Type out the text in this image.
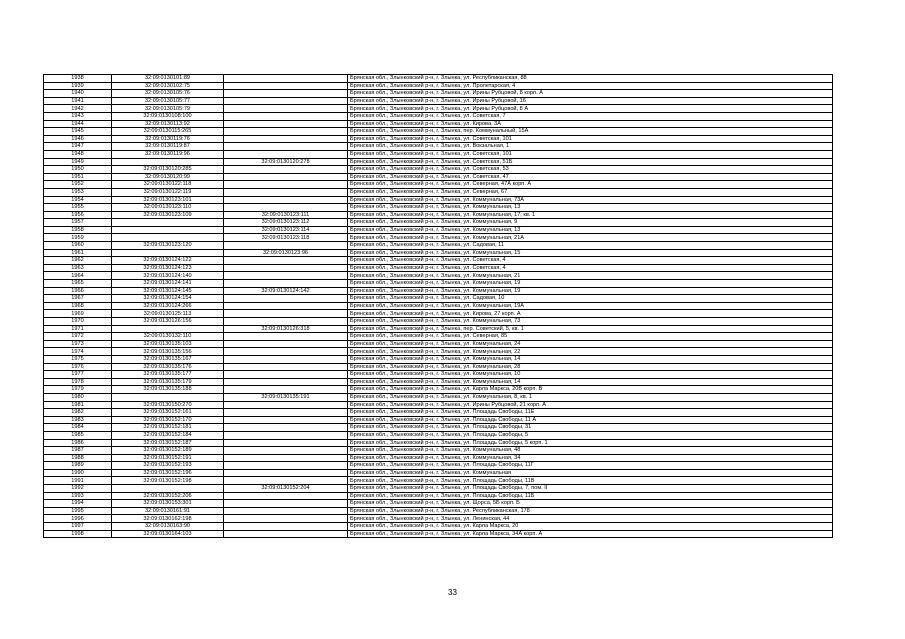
1938	32:09:0130101:89		Брянская обл., Злынковский р-н, г. Злынка, ул. Республиканская, 88
1939	32:09:0130102:75		Брянская обл., Злынковский р-н, г. Злынка, ул. Пролетарская, 4
1940	32:09:0130105:76		Брянская обл., Злынковский р-н, г. Злынка, ул. Ирины Рубцовой, 8 корп. А
1941	32:09:0130105:77		Брянская обл., Злынковский р-н, г. Злынка, ул. Ирины Рубцовой, 16
1942	32:09:0130105:79		Брянская обл., Злынковский р-н, г. Злынка, ул. Ирины Рубцовой, 8 А
1943	32:09:0130108:100		Брянская обл., Злынковский р-н, г. Злынка, ул. Советская, 7
1944	32:09:0130113:92		Брянская обл., Злынковский р-н, г. Злынка, ул. Кирова, 3А
1945	32:09:0130115:265		Брянская обл., Злынковский р-н, г. Злынка, пер. Коммунальный, 15А
1946	32:09:0130119:76		Брянская обл., Злынковский р-н, г. Злынка, ул. Советская, 101
1947	32:09:0130119:87		Брянская обл., Злынковский р-н, г. Злынка, ул. Вокзальная, 1
1948	32:09:0130119:96		Брянская обл., Злынковский р-н, г. Злынка, ул. Советская, 101
1949		32:09:0130120:278	Брянская обл., Злынковский р-н, г. Злынка, ул. Советская, 51Б
1950	32:09:0130120:285		Брянская обл., Злынковский р-н, г. Злынка, ул. Советская, 53
1951	32:09:0130120:99		Брянская обл., Злынковский р-н, г. Злынка, ул. Советская, 47
1952	32:09:0130122:118		Брянская обл., Злынковский р-н, г. Злынка, ул. Северная, 47А корп. А
1953	32:09:0130122:119		Брянская обл., Злынковский р-н, г. Злынка, ул. Северная, 67
1954	32:09:0130123:101		Брянская обл., Злынковский р-н, г. Злынка, ул. Коммунальная, 73А
1955	32:09:0130123:110		Брянская обл., Злынковский р-н, г. Злынка, ул. Коммунальная, 13
1956	32:09:0130123:109	32:09:0130123:111	Брянская обл., Злынковский р-н, г. Злынка, ул. Коммунальная, 17, кв. 1
1957		32:09:0130123:112	Брянская обл., Злынковский р-н, г. Злынка, ул. Коммунальная, 9
1958		32:09:0130123:114	Брянская обл., Злынковский р-н, г. Злынка, ул. Коммунальная, 13
1959		32:09:0130123:118	Брянская обл., Злынковский р-н, г. Злынка, ул. Коммунальная, 21А
1960	32:09:0130123:120		Брянская обл., Злынковский р-н, г. Злынка, ул. Садовая, 11
1961		32:09:0130123:96	Брянская обл., Злынковский р-н, г. Злынка, ул. Коммунальная, 15
1962	32:09:0130124:122		Брянская обл., Злынковский р-н, г. Злынка, ул. Советская, 4
1963	32:09:0130124:123		Брянская обл., Злынковский р-н, г. Злынка, ул. Советская, 4
1964	32:09:0130124:140		Брянская обл., Злынковский р-н, г. Злынка, ул. Коммунальная, 21
1965	32:09:0130124:141		Брянская обл., Злынковский р-н, г. Злынка, ул. Коммунальная, 19
1966	32:09:0130124:145	32:09:0130124:142	Брянская обл., Злынковский р-н, г. Злынка, ул. Коммунальная, 19
1967	32:09:0130124:154		Брянская обл., Злынковский р-н, г. Злынка, ул. Садовая, 10
1968	32:09:0130124:266		Брянская обл., Злынковский р-н, г. Злынка, ул. Коммунальная, 19А
1969	32:09:0130125:113		Брянская обл., Злынковский р-н, г. Злынка, ул. Кирова, 27 корп. А
1970	32:09:0130126:156		Брянская обл., Злынковский р-н, г. Злынка, ул. Коммунальная, 73
1971		32:09:0130126:318	Брянская обл., Злынковский р-н, г. Злынка, пер. Советский, 5, кв. 1
1972	32:09:0130132:110		Брянская обл., Злынковский р-н, г. Злынка, ул. Северная, 85
1973	32:09:0130135:103		Брянская обл., Злынковский р-н, г. Злынка, ул. Коммунальная, 24
1974	32:09:0130135:156		Брянская обл., Злынковский р-н, г. Злынка, ул. Коммунальная, 22
1975	32:09:0130135:167		Брянская обл., Злынковский р-н, г. Злынка, ул. Коммунальная, 14
1976	32:09:0130135:176		Брянская обл., Злынковский р-н, г. Злынка, ул. Коммунальная, 28
1977	32:09:0130135:177		Брянская обл., Злынковский р-н, г. Злынка, ул. Коммунальная, 10
1978	32:09:0130135:179		Брянская обл., Злынковский р-н, г. Злынка, ул. Коммунальная, 14
1979	32:09:0130135:188		Брянская обл., Злынковский р-н, г. Злынка, ул. Карла Маркса, 20В корп. В
1980		32:09:0130135:191	Брянская обл., Злынковский р-н, г. Злынка, ул. Коммунальная, 8, кв. 1
1981	32:09:0130150:270		Брянская обл., Злынковский р-н, г. Злынка, ул. Ирины Рубцовой, 21 корп. А
1982	32:09:0130152:161		Брянская обл., Злынковский р-н, г. Злынка, ул. Площадь Свободы, 11Е
1983	32:09:0130152:170		Брянская обл., Злынковский р-н, г. Злынка, ул. Площадь Свободы, 11 А
1984	32:09:0130152:181		Брянская обл., Злынковский р-н, г. Злынка, ул. Площадь Свободы, 31
1985	32:09:0130152:184		Брянская обл., Злынковский р-н, г. Злынка, ул. Площадь Свободы, 5
1986	32:09:0130152:187		Брянская обл., Злынковский р-н, г. Злынка, ул. Площадь Свободы, 5 корп. 1
1987	32:09:0130152:189		Брянская обл., Злынковский р-н, г. Злынка, ул. Коммунальная, 48
1988	32:09:0130152:191		Брянская обл., Злынковский р-н, г. Злынка, ул. Коммунальная, 34
1989	32:09:0130152:193		Брянская обл., Злынковский р-н, г. Злынка, ул. Площадь Свободы, 11Г
1990	32:09:0130152:196		Брянская обл., Злынковский р-н, г. Злынка, ул. Коммунальная
1991	32:09:0130152:198		Брянская обл., Злынковский р-н, г. Злынка, ул. Площадь Свободы, 11В
1992		32:09:0130152:204	Брянская обл., Злынковский р-н, г. Злынка, ул. Площадь Свободы, 7, пом. II
1993	32:09:0130152:206		Брянская обл., Злынковский р-н, г. Злынка, ул. Площадь Свободы, 11Б
1994	32:09:0130153:301		Брянская обл., Злынковский р-н, г. Злынка, ул. Щорса, 5Б корп. Б
1995	32:09:0130161:91		Брянская обл., Злынковский р-н, г. Злынка, ул. Республиканская, 178
1996	32:09:0130162:198		Брянская обл., Злынковский р-н, г. Злынка, ул. Ленинская, 44
1997	32:09:0130163:90		Брянская обл., Злынковский р-н, г. Злынка, ул. Карла Маркса, 20
1998	32:09:0130164:103		Брянская обл., Злынковский р-н, г. Злынка, ул. Карла Маркса, 34А корп. А
33
